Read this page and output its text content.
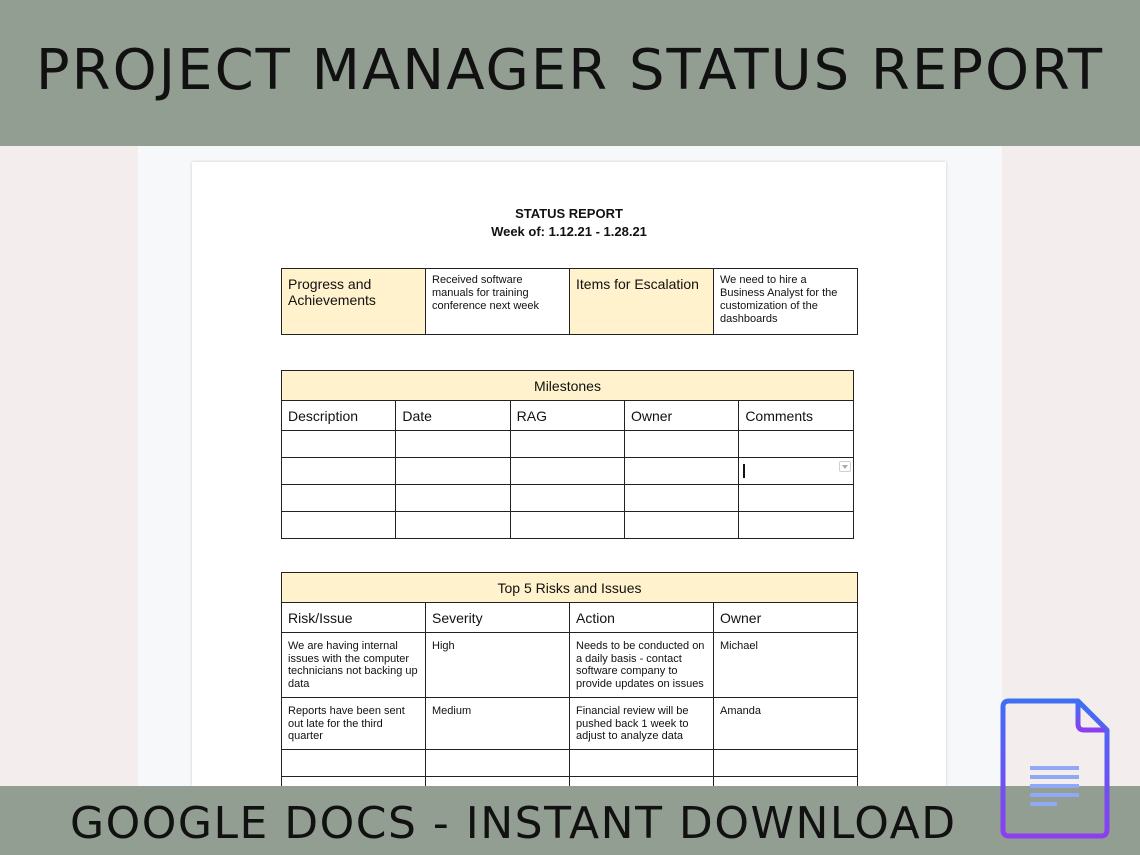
PROJECT MANAGER STATUS REPORT
STATUS REPORT
Week of: 1.12.21 - 1.28.21
Progress and Achievements	Received software manuals for training conference next week	Items for Escalation	We need to hire a Business Analyst for the customization of the dashboards
Milestones				
Description	Date	RAG	Owner	Comments

Top 5 Risks and Issues			
Risk/Issue	Severity	Action	Owner
We are having internal issues with the computer technicians not backing up data	High	Needs to be conducted on a daily basis - contact software company to provide updates on issues	Michael
Reports have been sent out late for the third quarter	Medium	Financial review will be pushed back 1 week to adjust to analyze data	Amanda

GOOGLE DOCS - INSTANT DOWNLOAD
